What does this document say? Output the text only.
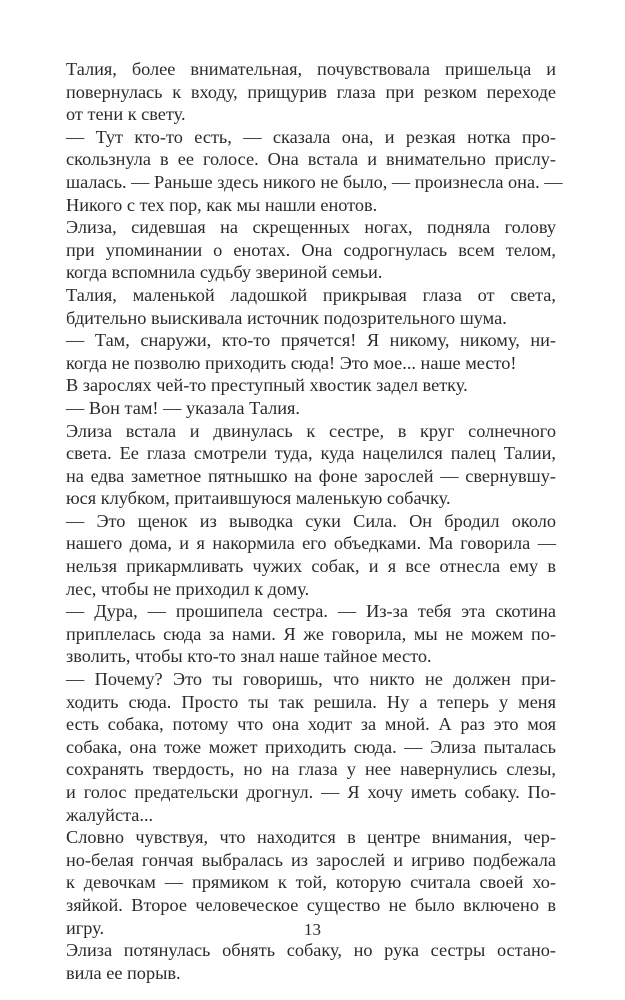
Талия, более внимательная, почувствовала пришельца и
повернулась к входу, прищурив глаза при резком переходе
от тени к свету.
— Тут кто-то есть, — сказала она, и резкая нотка про-
скользнула в ее голосе. Она встала и внимательно прислу-
шалась. — Раньше здесь никого не было, — произнесла она. —
Никого с тех пор, как мы нашли енотов.
Элиза, сидевшая на скрещенных ногах, подняла голову
при упоминании о енотах. Она содрогнулась всем телом,
когда вспомнила судьбу звериной семьи.
Талия, маленькой ладошкой прикрывая глаза от света,
бдительно выискивала источник подозрительного шума.
— Там, снаружи, кто-то прячется! Я никому, никому, ни-
когда не позволю приходить сюда! Это мое... наше место!
В зарослях чей-то преступный хвостик задел ветку.
— Вон там! — указала Талия.
Элиза встала и двинулась к сестре, в круг солнечного
света. Ее глаза смотрели туда, куда нацелился палец Талии,
на едва заметное пятнышко на фоне зарослей — свернувшу-
юся клубком, притаившуюся маленькую собачку.
— Это щенок из выводка суки Сила. Он бродил около
нашего дома, и я накормила его объедками. Ма говорила —
нельзя прикармливать чужих собак, и я все отнесла ему в
лес, чтобы не приходил к дому.
— Дура, — прошипела сестра. — Из-за тебя эта скотина
приплелась сюда за нами. Я же говорила, мы не можем по-
зволить, чтобы кто-то знал наше тайное место.
— Почему? Это ты говоришь, что никто не должен при-
ходить сюда. Просто ты так решила. Ну а теперь у меня
есть собака, потому что она ходит за мной. А раз это моя
собака, она тоже может приходить сюда. — Элиза пыталась
сохранять твердость, но на глаза у нее навернулись слезы,
и голос предательски дрогнул. — Я хочу иметь собаку. По-
жалуйста...
Словно чувствуя, что находится в центре внимания, чер-
но-белая гончая выбралась из зарослей и игриво подбежала
к девочкам — прямиком к той, которую считала своей хо-
зяйкой. Второе человеческое существо не было включено в
игру.
Элиза потянулась обнять собаку, но рука сестры остано-
вила ее порыв.
13
